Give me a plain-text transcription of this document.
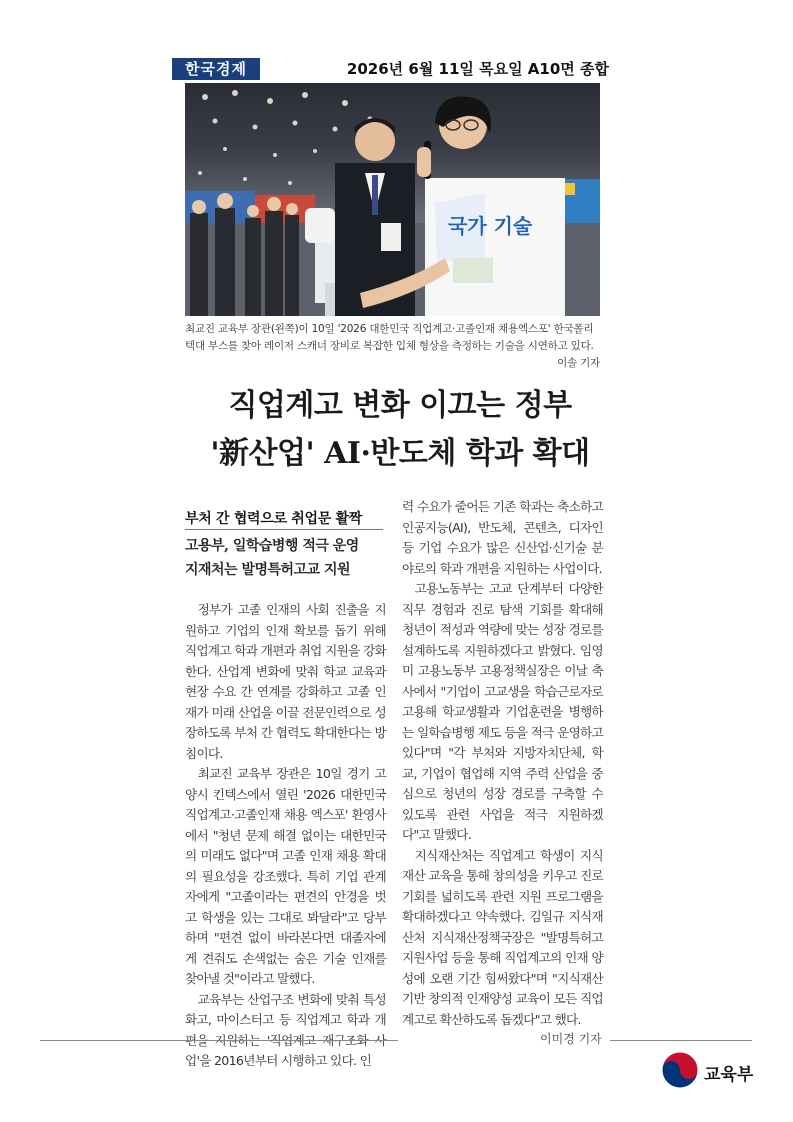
한국경제	2026년 6월 11일 목요일 A10면 종합
국가 기술
최교진 교육부 장관(왼쪽)이 10일 '2026 대한민국 직업계고·고졸인재 채용엑스포' 한국폴리텍대 부스를 찾아 레이저 스캐너 장비로 복잡한 입체 형상을 측정하는 기술을 시연하고 있다.
이솔 기자
직업계고 변화 이끄는 정부
'新산업' AI·반도체 학과 확대
부처 간 협력으로 취업문 활짝
고용부, 일학습병행 적극 운영
지재처는 발명특허고교 지원

정부가 고졸 인재의 사회 진출을 지원하고 기업의 인재 확보를 돕기 위해 직업계고 학과 개편과 취업 지원을 강화한다. 산업계 변화에 맞춰 학교 교육과 현장 수요 간 연계를 강화하고 고졸 인재가 미래 산업을 이끌 전문인력으로 성장하도록 부처 간 협력도 확대한다는 방침이다.

최교진 교육부 장관은 10일 경기 고양시 킨텍스에서 열린 '2026 대한민국 직업계고·고졸인재 채용 엑스포' 환영사에서 "청년 문제 해결 없이는 대한민국의 미래도 없다"며 고졸 인재 채용 확대의 필요성을 강조했다. 특히 기업 관계자에게 "고졸이라는 편견의 안경을 벗고 학생을 있는 그대로 봐달라"고 당부하며 "편견 없이 바라본다면 대졸자에게 견줘도 손색없는 숨은 기술 인재를 찾아낼 것"이라고 말했다.

교육부는 산업구조 변화에 맞춰 특성화고, 마이스터고 등 직업계고 학과 개편을 지원하는 '직업계고 재구조화 사업'을 2016년부터 시행하고 있다. 인

력 수요가 줄어든 기존 학과는 축소하고 인공지능(AI), 반도체, 콘텐츠, 디자인 등 기업 수요가 많은 신산업·신기술 분야로의 학과 개편을 지원하는 사업이다.

고용노동부는 고교 단계부터 다양한 직무 경험과 진로 탐색 기회를 확대해 청년이 적성과 역량에 맞는 성장 경로를 설계하도록 지원하겠다고 밝혔다. 임영미 고용노동부 고용정책실장은 이날 축사에서 "기업이 고교생을 학습근로자로 고용해 학교생활과 기업훈련을 병행하는 일학습병행 제도 등을 적극 운영하고 있다"며 "각 부처와 지방자치단체, 학교, 기업이 협업해 지역 주력 산업을 중심으로 청년의 성장 경로를 구축할 수 있도록 관련 사업을 적극 지원하겠다"고 말했다.

지식재산처는 직업계고 학생이 지식재산 교육을 통해 창의성을 키우고 진로 기회를 넓히도록 관련 지원 프로그램을 확대하겠다고 약속했다. 김일규 지식재산처 지식재산정책국장은 "발명특허고 지원사업 등을 통해 직업계고의 인재 양성에 오랜 기간 힘써왔다"며 "지식재산 기반 창의적 인재양성 교육이 모든 직업계고로 확산하도록 돕겠다"고 했다.

이미경 기자
교육부
